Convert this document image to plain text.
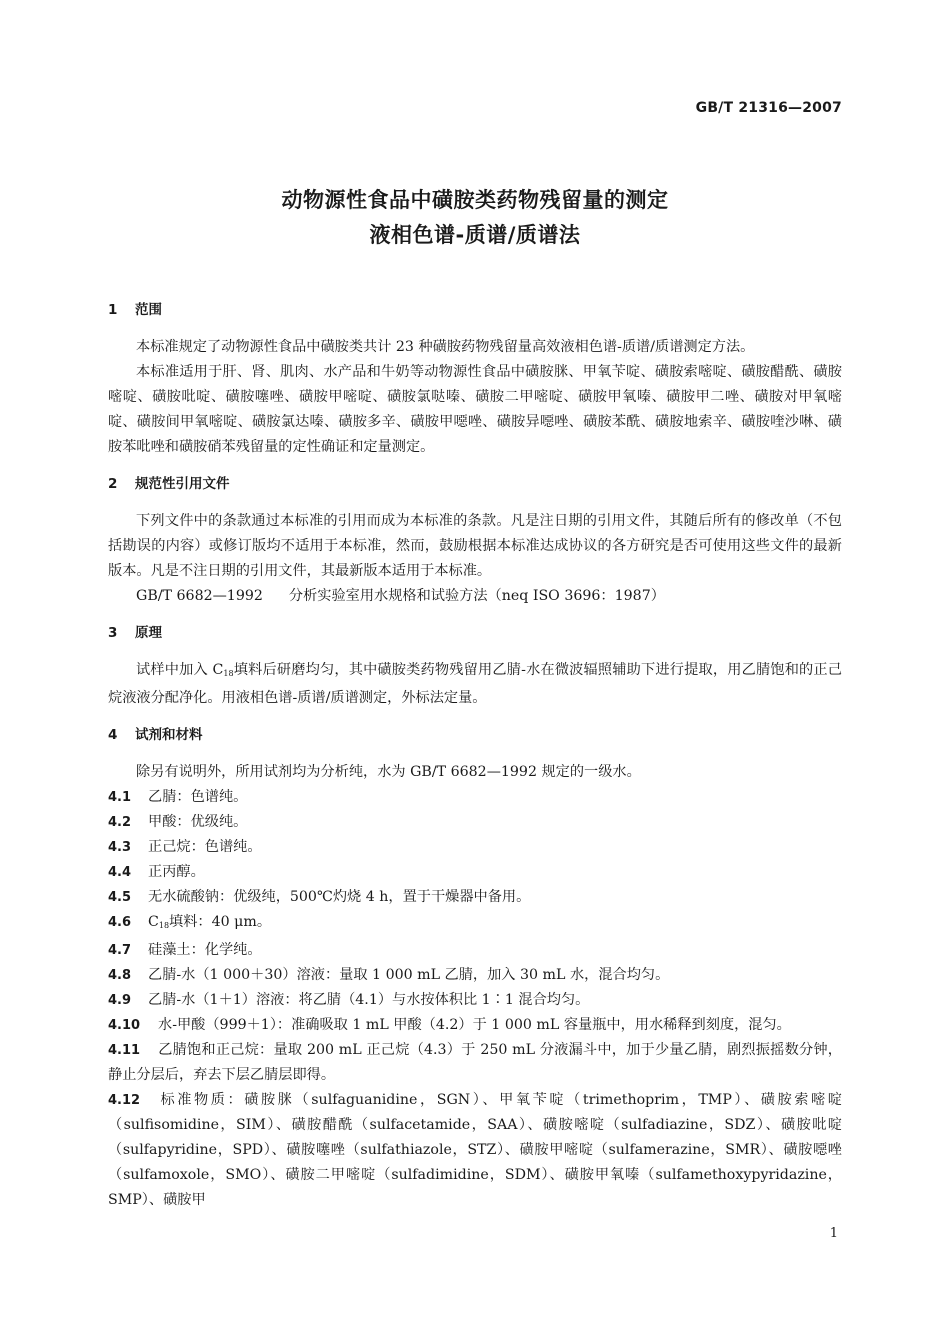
GB/T 21316—2007
动物源性食品中磺胺类药物残留量的测定
液相色谱-质谱/质谱法

1 范围

本标准规定了动物源性食品中磺胺类共计 23 种磺胺药物残留量高效液相色谱-质谱/质谱测定方法。

本标准适用于肝、肾、肌肉、水产品和牛奶等动物源性食品中磺胺脒、甲氧苄啶、磺胺索嘧啶、磺胺醋酰、磺胺嘧啶、磺胺吡啶、磺胺噻唑、磺胺甲嘧啶、磺胺氯哒嗪、磺胺二甲嘧啶、磺胺甲氧嗪、磺胺甲二唑、磺胺对甲氧嘧啶、磺胺间甲氧嘧啶、磺胺氯达嗪、磺胺多辛、磺胺甲噁唑、磺胺异噁唑、磺胺苯酰、磺胺地索辛、磺胺喹沙啉、磺胺苯吡唑和磺胺硝苯残留量的定性确证和定量测定。

2 规范性引用文件

下列文件中的条款通过本标准的引用而成为本标准的条款。凡是注日期的引用文件，其随后所有的修改单（不包括勘误的内容）或修订版均不适用于本标准，然而，鼓励根据本标准达成协议的各方研究是否可使用这些文件的最新版本。凡是不注日期的引用文件，其最新版本适用于本标准。

GB/T 6682—1992 分析实验室用水规格和试验方法（neq ISO 3696：1987）

3 原理

试样中加入 $C_{18}$填料后研磨均匀，其中磺胺类药物残留用乙腈-水在微波辐照辅助下进行提取，用乙腈饱和的正己烷液液分配净化。用液相色谱-质谱/质谱测定，外标法定量。

4 试剂和材料

除另有说明外，所用试剂均为分析纯，水为 GB/T 6682—1992 规定的一级水。

4.1 乙腈：色谱纯。

4.2 甲酸：优级纯。

4.3 正己烷：色谱纯。

4.4 正丙醇。

4.5 无水硫酸钠：优级纯，500℃灼烧 4 h，置于干燥器中备用。

4.6 $C_{18}$填料：40 μm。

4.7 硅藻土：化学纯。

4.8 乙腈-水（1 000＋30）溶液：量取 1 000 mL 乙腈，加入 30 mL 水，混合均匀。

4.9 乙腈-水（1＋1）溶液：将乙腈（4.1）与水按体积比 1∶1 混合均匀。

4.10 水-甲酸（999＋1）：准确吸取 1 mL 甲酸（4.2）于 1 000 mL 容量瓶中，用水稀释到刻度，混匀。

4.11 乙腈饱和正己烷：量取 200 mL 正己烷（4.3）于 250 mL 分液漏斗中，加于少量乙腈，剧烈振摇数分钟，静止分层后，弃去下层乙腈层即得。

4.12 标准物质：磺胺脒（sulfaguanidine，SGN）、甲氧苄啶（trimethoprim，TMP）、磺胺索嘧啶（sulfisomidine，SIM）、磺胺醋酰（sulfacetamide，SAA）、磺胺嘧啶（sulfadiazine，SDZ）、磺胺吡啶（sulfapyridine，SPD）、磺胺噻唑（sulfathiazole，STZ）、磺胺甲嘧啶（sulfamerazine，SMR）、磺胺噁唑（sulfamoxole，SMO）、磺胺二甲嘧啶（sulfadimidine，SDM）、磺胺甲氧嗪（sulfamethoxypyridazine，SMP）、磺胺甲

1
